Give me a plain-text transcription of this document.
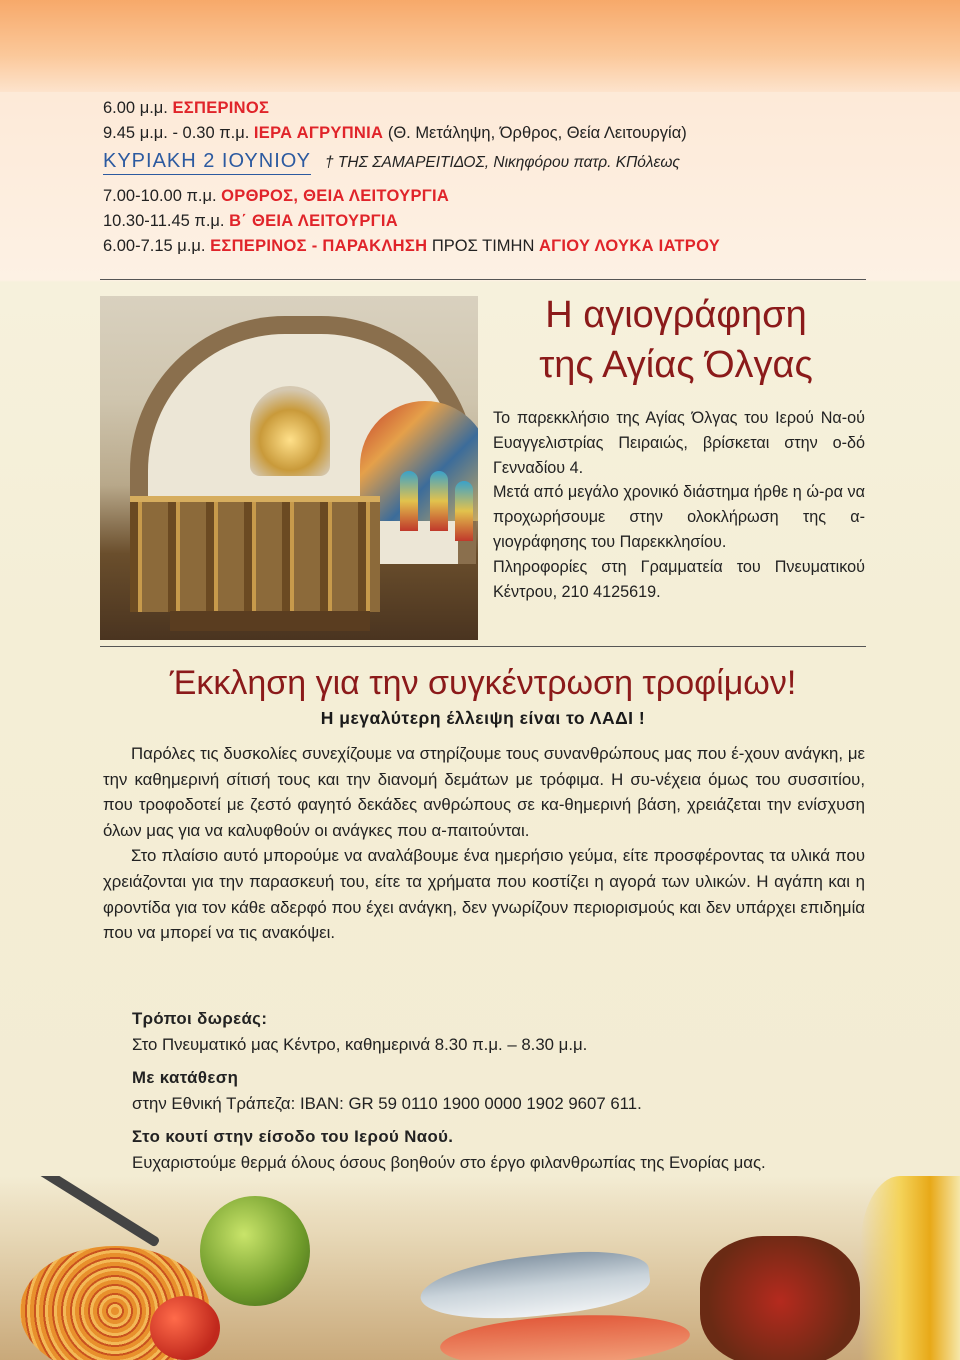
6.00 μ.μ. ΕΣΠΕΡΙΝΟΣ
9.45 μ.μ. - 0.30 π.μ. ΙΕΡΑ ΑΓΡΥΠΝΙΑ (Θ. Μετάληψη, Όρθρος, Θεία Λειτουργία)
ΚΥΡΙΑΚΗ 2 ΙΟΥΝΙΟΥ † ΤΗΣ ΣΑΜΑΡΕΙΤΙΔΟΣ, Νικηφόρου πατρ. ΚΠόλεως
7.00-10.00 π.μ. ΟΡΘΡΟΣ, ΘΕΙΑ ΛΕΙΤΟΥΡΓΙΑ
10.30-11.45 π.μ. Β΄ ΘΕΙΑ ΛΕΙΤΟΥΡΓΙΑ
6.00-7.15 μ.μ. ΕΣΠΕΡΙΝΟΣ - ΠΑΡΑΚΛΗΣΗ ΠΡΟΣ ΤΙΜΗΝ ΑΓΙΟΥ ΛΟΥΚΑ ΙΑΤΡΟΥ
Η αγιογράφηση
της Αγίας Όλγας

Το παρεκκλήσιο της Αγίας Όλγας του Ιερού Να-ού Ευαγγελιστρίας Πειραιώς, βρίσκεται στην ο-δό Γενναδίου 4.

Μετά από μεγάλο χρονικό διάστημα ήρθε η ώ-ρα να προχωρήσουμε στην ολοκλήρωση της α-γιογράφησης του Παρεκκλησίου.

Πληροφορίες στη Γραμματεία του Πνευματικού Κέντρου, 210 4125619.

Έκκληση για την συγκέντρωση τροφίμων!
Η μεγαλύτερη έλλειψη είναι το ΛΑΔΙ !

Παρόλες τις δυσκολίες συνεχίζουμε να στηρίζουμε τους συνανθρώπους μας που έ-χουν ανάγκη, με την καθημερινή σίτισή τους και την διανομή δεμάτων με τρόφιμα. Η συ-νέχεια όμως του συσσιτίου, που τροφοδοτεί με ζεστό φαγητό δεκάδες ανθρώπους σε κα-θημερινή βάση, χρειάζεται την ενίσχυση όλων μας για να καλυφθούν οι ανάγκες που α-παιτούνται.

Στο πλαίσιο αυτό μπορούμε να αναλάβουμε ένα ημερήσιο γεύμα, είτε προσφέροντας τα υλικά που χρειάζονται για την παρασκευή του, είτε τα χρήματα που κοστίζει η αγορά των υλικών. Η αγάπη και η φροντίδα για τον κάθε αδερφό που έχει ανάγκη, δεν γνωρίζουν περιορισμούς και δεν υπάρχει επιδημία που να μπορεί να τις ανακόψει.

Τρόποι δωρεάς:
Στο Πνευματικό μας Κέντρο, καθημερινά 8.30 π.μ. – 8.30 μ.μ.
Με κατάθεση
στην Εθνική Τράπεζα: IBAN: GR 59 0110 1900 0000 1902 9607 611.
Στο κουτί στην είσοδο του Ιερού Ναού.
Ευχαριστούμε θερμά όλους όσους βοηθούν στο έργο φιλανθρωπίας της Ενορίας μας.
